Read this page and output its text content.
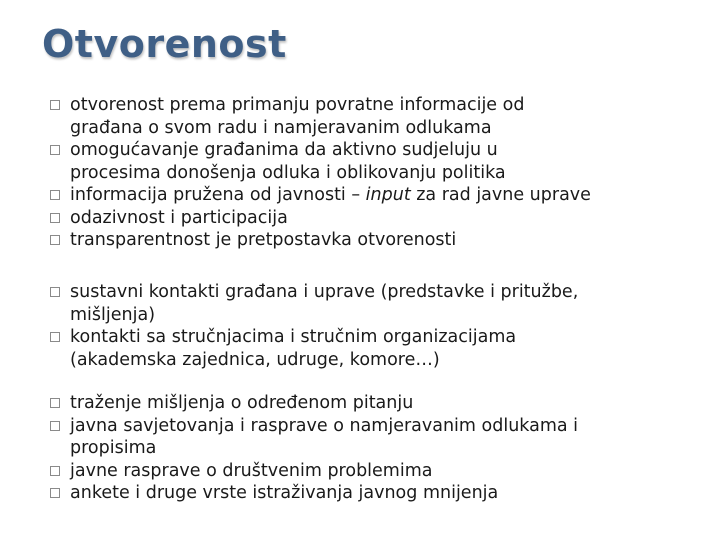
Otvorenost
otvorenost prema primanju povratne informacije od
građana o svom radu i namjeravanim odlukama
omogućavanje građanima da aktivno sudjeluju u
procesima donošenja odluka i oblikovanju politika
informacija pružena od javnosti – input za rad javne uprave
odazivnost i participacija
transparentnost je pretpostavka otvorenosti
sustavni kontakti građana i uprave (predstavke i pritužbe,
mišljenja)
kontakti sa stručnjacima i stručnim organizacijama
(akademska zajednica, udruge, komore…)
traženje mišljenja o određenom pitanju
javna savjetovanja i rasprave o namjeravanim odlukama i
propisima
javne rasprave o društvenim problemima
ankete i druge vrste istraživanja javnog mnijenja
